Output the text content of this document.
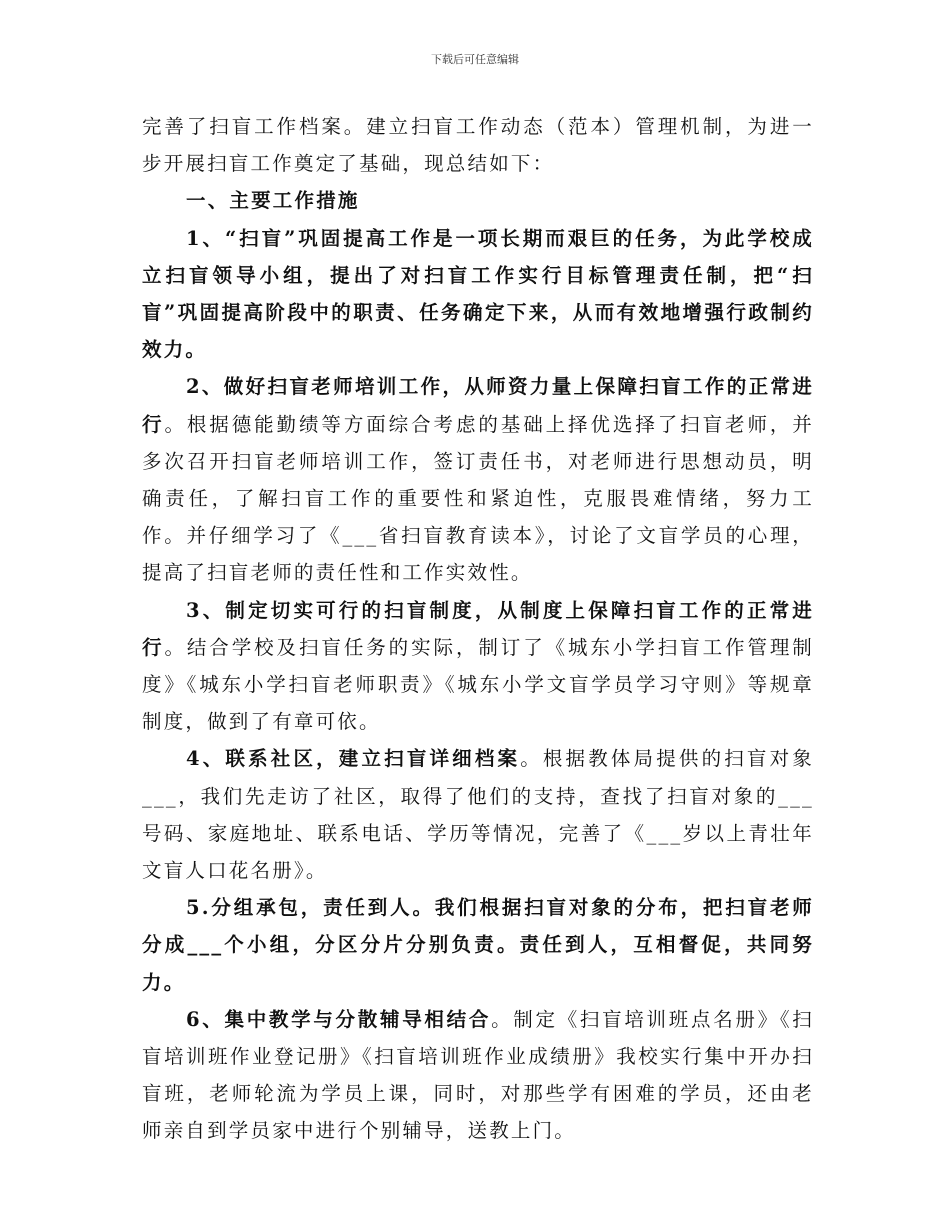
下载后可任意编辑

完善了扫盲工作档案。建立扫盲工作动态（范本）管理机制，为进一步开展扫盲工作奠定了基础，现总结如下：

一、主要工作措施

1、“扫盲”巩固提高工作是一项长期而艰巨的任务，为此学校成立扫盲领导小组，提出了对扫盲工作实行目标管理责任制，把“扫盲”巩固提高阶段中的职责、任务确定下来，从而有效地增强行政制约效力。

2、做好扫盲老师培训工作，从师资力量上保障扫盲工作的正常进行。根据德能勤绩等方面综合考虑的基础上择优选择了扫盲老师，并多次召开扫盲老师培训工作，签订责任书，对老师进行思想动员，明确责任，了解扫盲工作的重要性和紧迫性，克服畏难情绪，努力工作。并仔细学习了《___省扫盲教育读本》，讨论了文盲学员的心理，提高了扫盲老师的责任性和工作实效性。

3、制定切实可行的扫盲制度，从制度上保障扫盲工作的正常进行。结合学校及扫盲任务的实际，制订了《城东小学扫盲工作管理制度》《城东小学扫盲老师职责》《城东小学文盲学员学习守则》等规章制度，做到了有章可依。

4、联系社区，建立扫盲详细档案。根据教体局提供的扫盲对象___，我们先走访了社区，取得了他们的支持，查找了扫盲对象的___号码、家庭地址、联系电话、学历等情况，完善了《___岁以上青壮年文盲人口花名册》。

5.分组承包，责任到人。我们根据扫盲对象的分布，把扫盲老师分成___个小组，分区分片分别负责。责任到人，互相督促，共同努力。

6、集中教学与分散辅导相结合。制定《扫盲培训班点名册》《扫盲培训班作业登记册》《扫盲培训班作业成绩册》我校实行集中开办扫盲班，老师轮流为学员上课，同时，对那些学有困难的学员，还由老师亲自到学员家中进行个别辅导，送教上门。
